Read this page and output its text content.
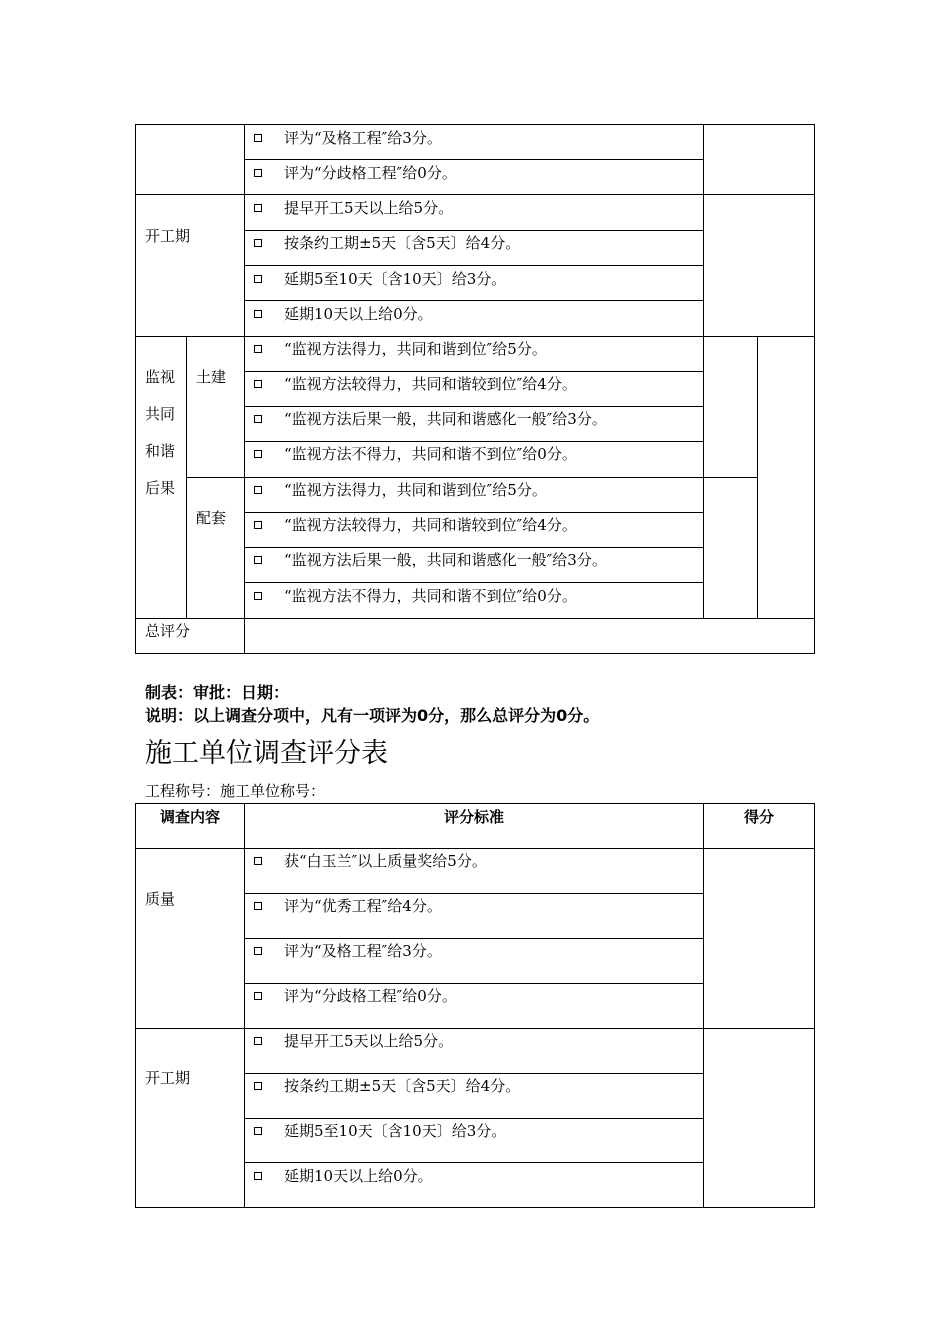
评为“及格工程″给3分。
评为“分歧格工程″给0分。
开工期
提早开工5天以上给5分。
按条约工期±5天〔含5天〕给4分。
延期5至10天〔含10天〕给3分。
延期10天以上给0分。
监视
共同
和谐
后果
土建
“监视方法得力，共同和谐到位″给5分。
“监视方法较得力，共同和谐较到位″给4分。
“监视方法后果一般，共同和谐感化一般″给3分。
“监视方法不得力，共同和谐不到位″给0分。
配套
“监视方法得力，共同和谐到位″给5分。
“监视方法较得力，共同和谐较到位″给4分。
“监视方法后果一般，共同和谐感化一般″给3分。
“监视方法不得力，共同和谐不到位″给0分。
总评分
制表：审批：日期：
说明：以上调查分项中，凡有一项评为0分，那么总评分为0分。
施工单位调查评分表
工程称号：施工单位称号：
调查内容	评分标准	得分
质量
获“白玉兰″以上质量奖给5分。
评为“优秀工程″给4分。
评为“及格工程″给3分。
评为“分歧格工程″给0分。
开工期
提早开工5天以上给5分。
按条约工期±5天〔含5天〕给4分。
延期5至10天〔含10天〕给3分。
延期10天以上给0分。
